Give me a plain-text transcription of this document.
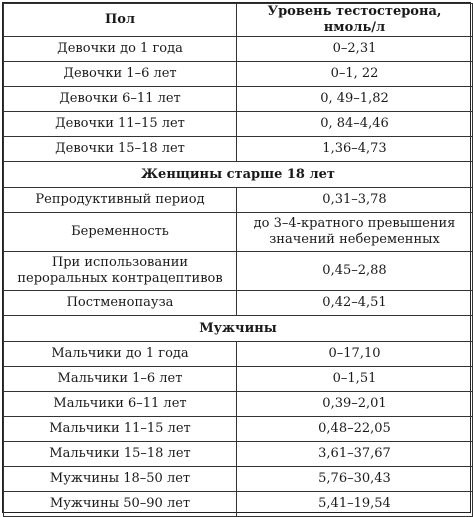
Пол	Уровень тестостерона, нмоль/л
Девочки до 1 года	0–2,31
Девочки 1–6 лет	0–1, 22
Девочки 6–11 лет	0, 49–1,82
Девочки 11–15 лет	0, 84–4,46
Девочки 15–18 лет	1,36–4,73
Женщины старше 18 лет	
Репродуктивный период	0,31–3,78
Беременность	до 3–4-кратного превышения значений небеременных
При использовании пероральных контрацептивов	0,45–2,88
Постменопауза	0,42–4,51
Мужчины	
Мальчики до 1 года	0–17,10
Мальчики 1–6 лет	0–1,51
Мальчики 6–11 лет	0,39–2,01
Мальчики 11–15 лет	0,48–22,05
Мальчики 15–18 лет	3,61–37,67
Мужчины 18–50 лет	5,76–30,43
Мужчины 50–90 лет	5,41–19,54
